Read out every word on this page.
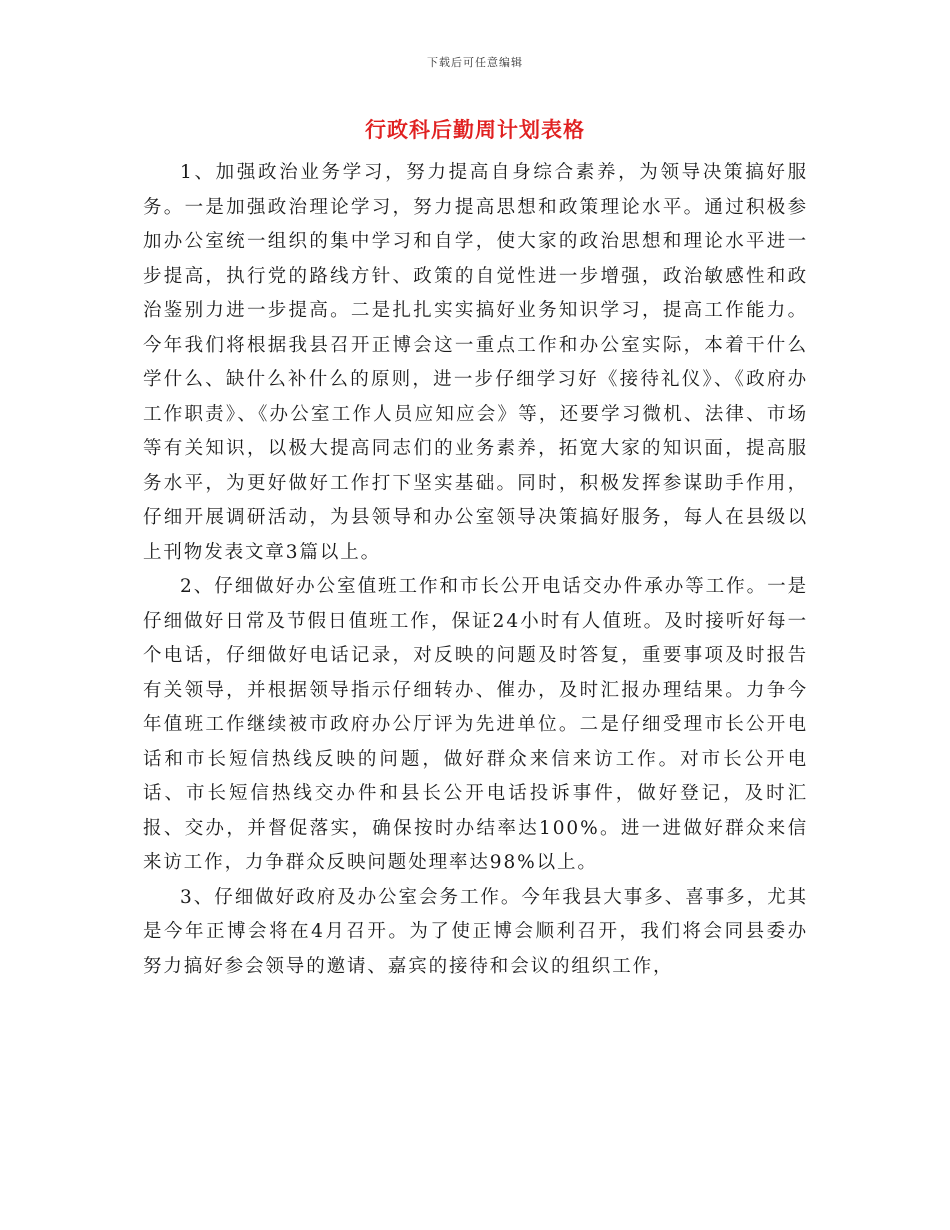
下载后可任意编辑
行政科后勤周计划表格

1、加强政治业务学习，努力提高自身综合素养，为领导决策搞好服务。一是加强政治理论学习，努力提高思想和政策理论水平。通过积极参加办公室统一组织的集中学习和自学，使大家的政治思想和理论水平进一步提高，执行党的路线方针、政策的自觉性进一步增强，政治敏感性和政治鉴别力进一步提高。二是扎扎实实搞好业务知识学习，提高工作能力。今年我们将根据我县召开正博会这一重点工作和办公室实际，本着干什么学什么、缺什么补什么的原则，进一步仔细学习好《接待礼仪》、《政府办工作职责》、《办公室工作人员应知应会》等，还要学习微机、法律、市场等有关知识，以极大提高同志们的业务素养，拓宽大家的知识面，提高服务水平，为更好做好工作打下坚实基础。同时，积极发挥参谋助手作用，仔细开展调研活动，为县领导和办公室领导决策搞好服务，每人在县级以上刊物发表文章3篇以上。

2、仔细做好办公室值班工作和市长公开电话交办件承办等工作。一是仔细做好日常及节假日值班工作，保证24小时有人值班。及时接听好每一个电话，仔细做好电话记录，对反映的问题及时答复，重要事项及时报告有关领导，并根据领导指示仔细转办、催办，及时汇报办理结果。力争今年值班工作继续被市政府办公厅评为先进单位。二是仔细受理市长公开电话和市长短信热线反映的问题，做好群众来信来访工作。对市长公开电话、市长短信热线交办件和县长公开电话投诉事件，做好登记，及时汇报、交办，并督促落实，确保按时办结率达100%。进一进做好群众来信来访工作，力争群众反映问题处理率达98%以上。

3、仔细做好政府及办公室会务工作。今年我县大事多、喜事多，尤其是今年正博会将在4月召开。为了使正博会顺利召开，我们将会同县委办努力搞好参会领导的邀请、嘉宾的接待和会议的组织工作，
